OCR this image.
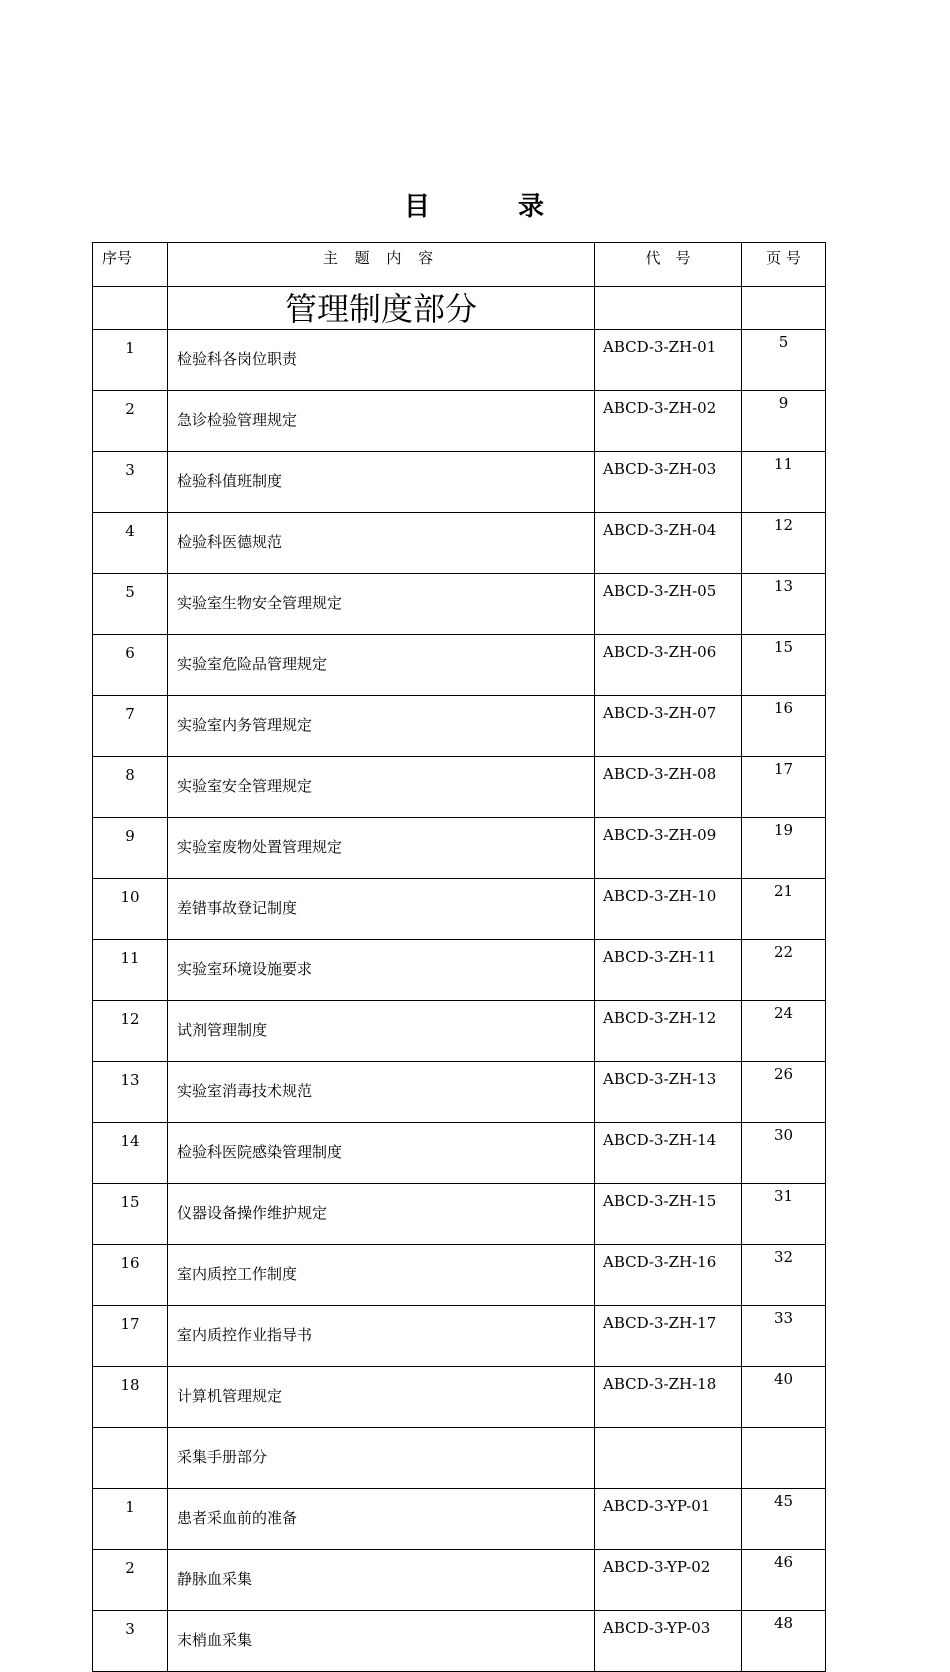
目	录
序号	主 题 内 容	代　号	页 号
	管理制度部分		
1	检验科各岗位职责	ABCD-3-ZH-01	5
2	急诊检验管理规定	ABCD-3-ZH-02	9
3	检验科值班制度	ABCD-3-ZH-03	11
4	检验科医德规范	ABCD-3-ZH-04	12
5	实验室生物安全管理规定	ABCD-3-ZH-05	13
6	实验室危险品管理规定	ABCD-3-ZH-06	15
7	实验室内务管理规定	ABCD-3-ZH-07	16
8	实验室安全管理规定	ABCD-3-ZH-08	17
9	实验室废物处置管理规定	ABCD-3-ZH-09	19
10	差错事故登记制度	ABCD-3-ZH-10	21
11	实验室环境设施要求	ABCD-3-ZH-11	22
12	试剂管理制度	ABCD-3-ZH-12	24
13	实验室消毒技术规范	ABCD-3-ZH-13	26
14	检验科医院感染管理制度	ABCD-3-ZH-14	30
15	仪器设备操作维护规定	ABCD-3-ZH-15	31
16	室内质控工作制度	ABCD-3-ZH-16	32
17	室内质控作业指导书	ABCD-3-ZH-17	33
18	计算机管理规定	ABCD-3-ZH-18	40
	采集手册部分		
1	患者采血前的准备	ABCD-3-YP-01	45
2	静脉血采集	ABCD-3-YP-02	46
3	末梢血采集	ABCD-3-YP-03	48
